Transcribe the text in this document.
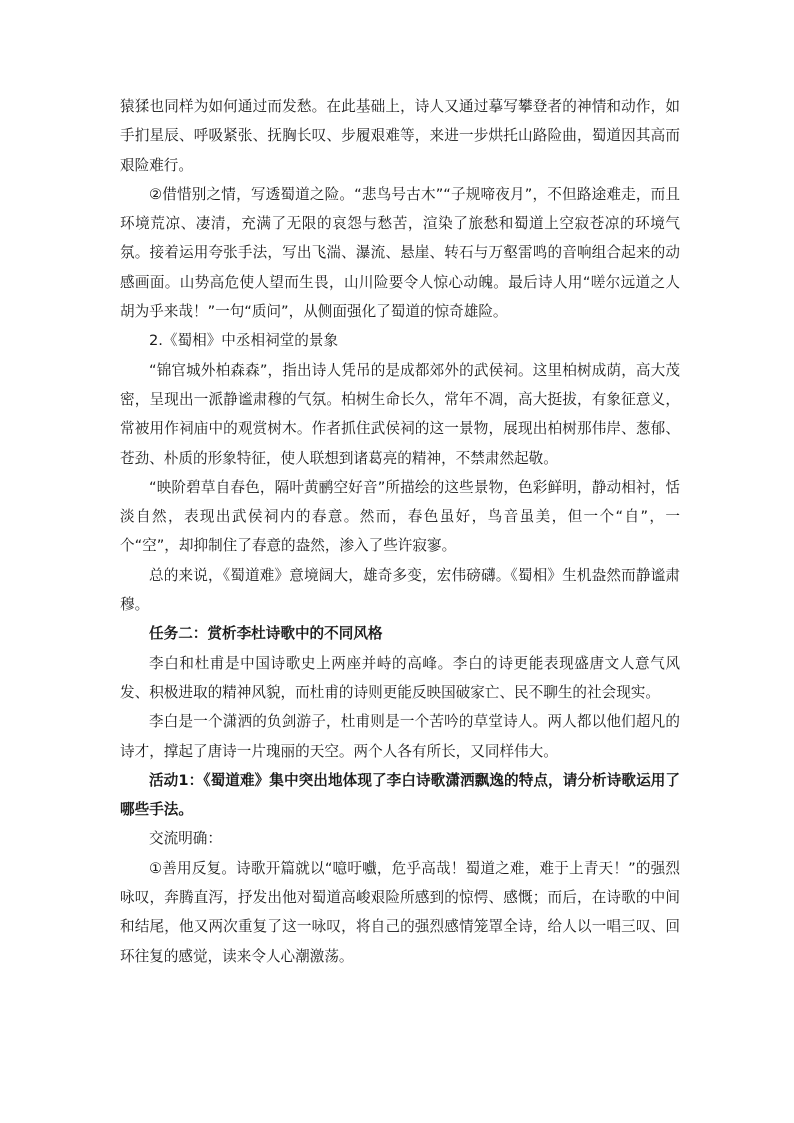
猿猱也同样为如何通过而发愁。在此基础上，诗人又通过摹写攀登者的神情和动作，如手扪星辰、呼吸紧张、抚胸长叹、步履艰难等，来进一步烘托山路险曲，蜀道因其高而艰险难行。

②借惜别之情，写透蜀道之险。“悲鸟号古木”“子规啼夜月”，不但路途难走，而且环境荒凉、凄清，充满了无限的哀怨与愁苦，渲染了旅愁和蜀道上空寂苍凉的环境气氛。接着运用夸张手法，写出飞湍、瀑流、悬崖、转石与万壑雷鸣的音响组合起来的动感画面。山势高危使人望而生畏，山川险要令人惊心动魄。最后诗人用“嗟尔远道之人胡为乎来哉！”一句“质问”，从侧面强化了蜀道的惊奇雄险。

2.《蜀相》中丞相祠堂的景象

“锦官城外柏森森”，指出诗人凭吊的是成都郊外的武侯祠。这里柏树成荫，高大茂密，呈现出一派静谧肃穆的气氛。柏树生命长久，常年不凋，高大挺拔，有象征意义，常被用作祠庙中的观赏树木。作者抓住武侯祠的这一景物，展现出柏树那伟岸、葱郁、苍劲、朴质的形象特征，使人联想到诸葛亮的精神，不禁肃然起敬。

“映阶碧草自春色，隔叶黄鹂空好音”所描绘的这些景物，色彩鲜明，静动相衬，恬淡自然，表现出武侯祠内的春意。然而，春色虽好，鸟音虽美，但一个“自”，一个“空”，却抑制住了春意的盎然，渗入了些许寂寥。

总的来说，《蜀道难》意境阔大，雄奇多变，宏伟磅礴。《蜀相》生机盎然而静谧肃穆。

任务二：赏析李杜诗歌中的不同风格

李白和杜甫是中国诗歌史上两座并峙的高峰。李白的诗更能表现盛唐文人意气风发、积极进取的精神风貌，而杜甫的诗则更能反映国破家亡、民不聊生的社会现实。

李白是一个潇洒的负剑游子，杜甫则是一个苦吟的草堂诗人。两人都以他们超凡的诗才，撑起了唐诗一片瑰丽的天空。两个人各有所长，又同样伟大。

活动1：《蜀道难》集中突出地体现了李白诗歌潇洒飘逸的特点，请分析诗歌运用了哪些手法。

交流明确：

①善用反复。诗歌开篇就以“噫吁嚱，危乎高哉！蜀道之难，难于上青天！”的强烈咏叹，奔腾直泻，抒发出他对蜀道高峻艰险所感到的惊愕、感慨；而后，在诗歌的中间和结尾，他又两次重复了这一咏叹，将自己的强烈感情笼罩全诗，给人以一唱三叹、回环往复的感觉，读来令人心潮激荡。
